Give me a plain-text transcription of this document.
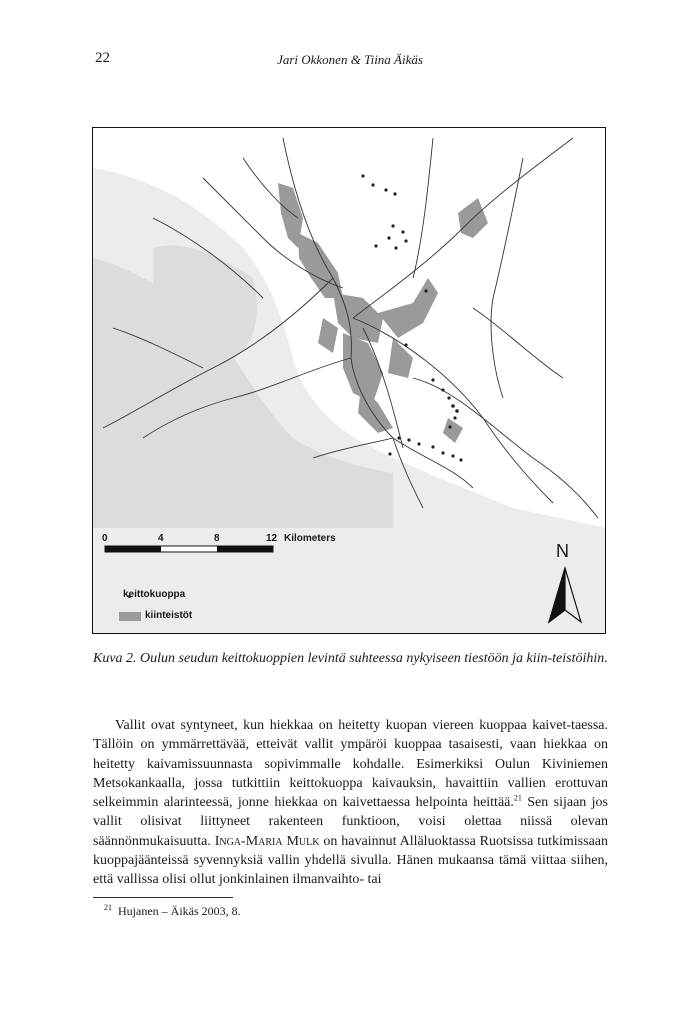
22	Jari Okkonen & Tiina Äikäs
0	4	8	12 Kilometers
N
keittokuoppa
kiinteistöt
Kuva 2. Oulun seudun keittokuoppien levintä suhteessa nykyiseen tiestöön ja kiin-teistöihin.

Vallit ovat syntyneet, kun hiekkaa on heitetty kuopan viereen kuoppaa kaivet-taessa. Tällöin on ymmärrettävää, etteivät vallit ympäröi kuoppaa tasaisesti, vaan hiekkaa on heitetty kaivamissuunnasta sopivimmalle kohdalle. Esimerkiksi Oulun Kiviniemen Metsokankaalla, jossa tutkittiin keittokuoppa kaivauksin, havaittiin vallien erottuvan selkeimmin alarinteessä, jonne hiekkaa on kaivettaessa helpointa heittää.$^{21}$ Sen sijaan jos vallit olisivat liittyneet rakenteen funktioon, voisi olettaa niissä olevan säännönmukaisuutta. Inga-Maria Mulk on havainnut Alläluoktassa Ruotsissa tutkimissaan kuoppajäänteissä syvennyksiä vallin yhdellä sivulla. Hänen mukaansa tämä viittaa siihen, että vallissa olisi ollut jonkinlainen ilmanvaihto- tai

$^{21}$ Hujanen – Äikäs 2003, 8.
